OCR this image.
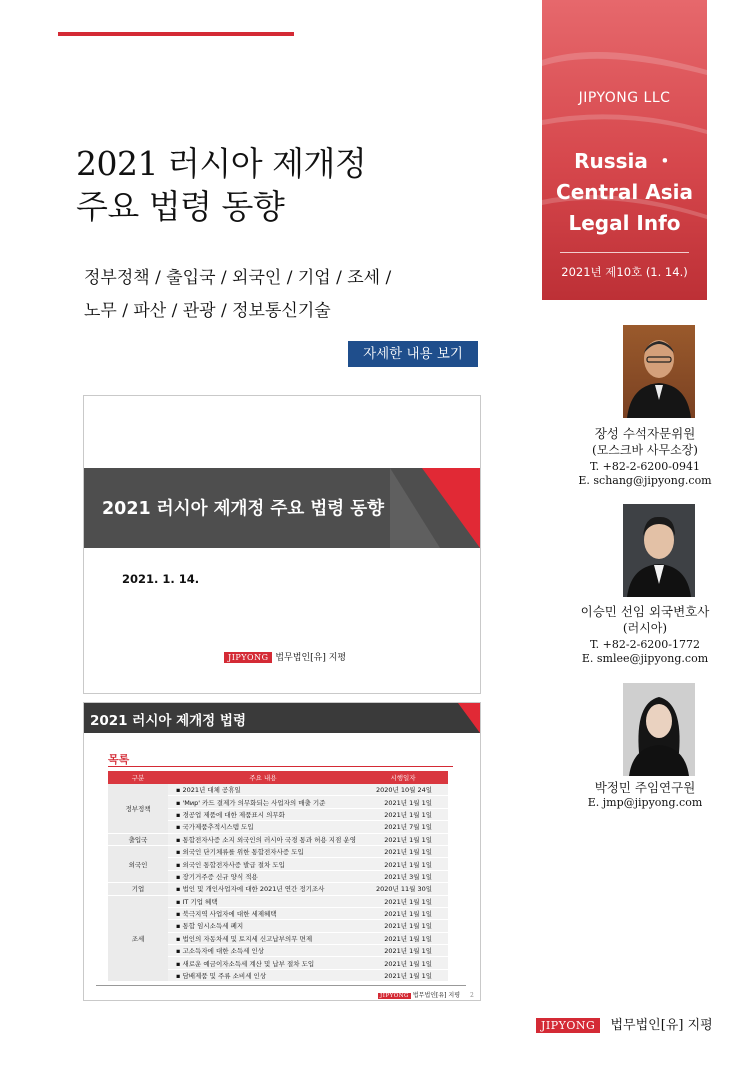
2021 러시아 제개정
주요 법령 동향
정부정책 / 출입국 / 외국인 / 기업 / 조세 /
노무 / 파산 / 관광 / 정보통신기술
자세한 내용 보기
JIPYONG LLC
Russia ・
Central Asia
Legal Info
2021년 제10호 (1. 14.)
2021 러시아 제개정 주요 법령 동향
2021. 1. 14.
JIPYONG 법무법인[유] 지평
2021 러시아 제개정 법령
목록
구분	주요 내용	시행일자
정부정책	▪ 2021년 대체 공휴일	2020년 10월 24일
	▪ 'Мир' 카드 결제가 의무화되는 사업자의 매출 기준	2021년 1월 1일
	▪ 경공업 제품에 대한 제품표시 의무화	2021년 1월 1일
	▪ 국가제품추적시스템 도입	2021년 7월 1일
출입국	▪ 통합전자사증 소지 외국인의 러시아 국경 통과 허용 지점 운영	2021년 1월 1일
외국인	▪ 외국인 단기체류를 위한 통합전자사증 도입	2021년 1월 1일
	▪ 외국인 통합전자사증 발급 절차 도입	2021년 1월 1일
	▪ 장기거주증 신규 양식 적용	2021년 3월 1일
기업	▪ 법인 및 개인사업자에 대한 2021년 연간 정기조사	2020년 11월 30일
조세	▪ IT 기업 혜택	2021년 1월 1일
	▪ 북극지역 사업자에 대한 세제혜택	2021년 1월 1일
	▪ 통합 임시소득세 폐지	2021년 1월 1일
	▪ 법인의 자동차세 및 토지세 신고납부의무 면제	2021년 1월 1일
	▪ 고소득자에 대한 소득세 인상	2021년 1월 1일
	▪ 새로운 예금이자소득세 계산 및 납부 절차 도입	2021년 1월 1일
	▪ 담배제품 및 주류 소비세 인상	2021년 1월 1일
JIPYONG 법무법인[유] 지평 2
장성 수석자문위원
(모스크바 사무소장)
T. +82-2-6200-0941
E. schang@jipyong.com
이승민 선임 외국변호사
(러시아)
T. +82-2-6200-1772
E. smlee@jipyong.com
박정민 주임연구원
E. jmp@jipyong.com
JIPYONG 법무법인[유] 지평
